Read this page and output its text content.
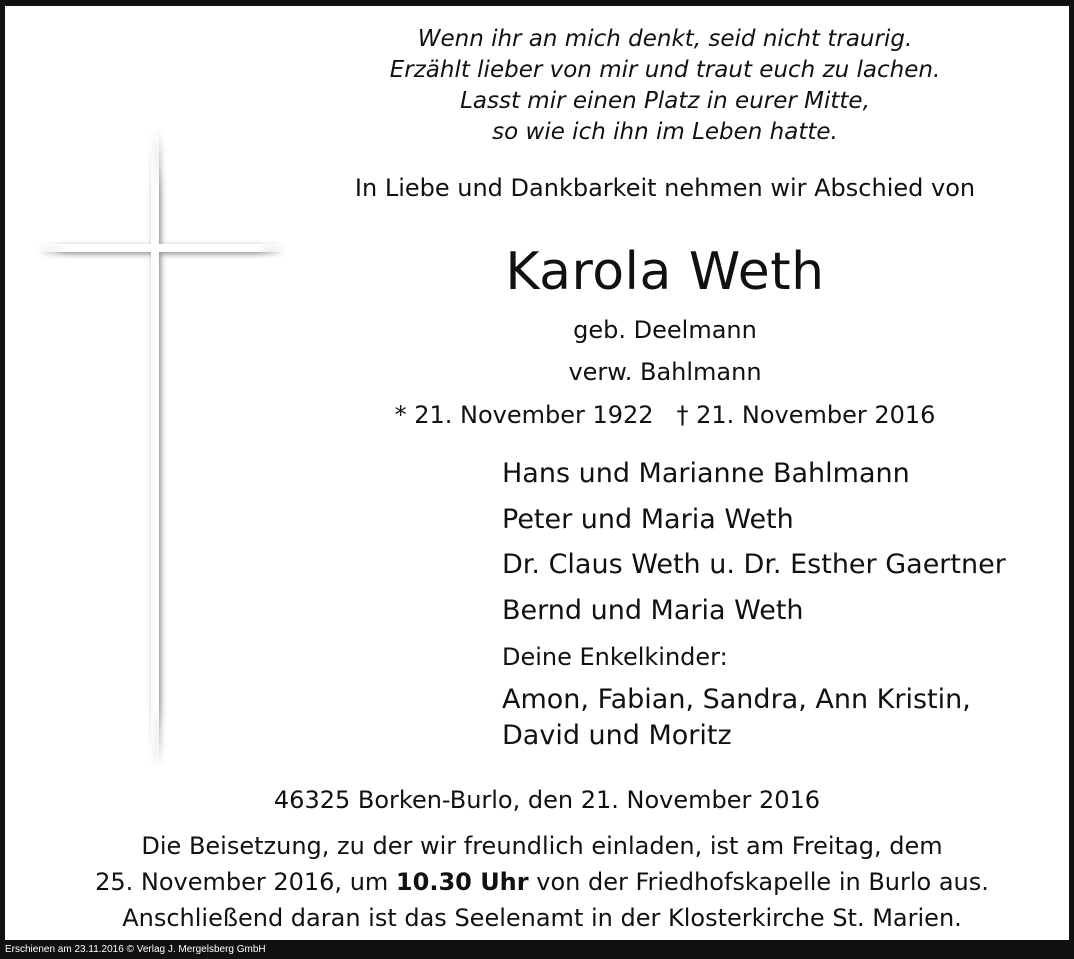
Wenn ihr an mich denkt, seid nicht traurig.
Erzählt lieber von mir und traut euch zu lachen.
Lasst mir einen Platz in eurer Mitte,
so wie ich ihn im Leben hatte.
In Liebe und Dankbarkeit nehmen wir Abschied von
Karola Weth
geb. Deelmann
verw. Bahlmann
* 21. November 1922 † 21. November 2016
Hans und Marianne Bahlmann
Peter und Maria Weth
Dr. Claus Weth u. Dr. Esther Gaertner
Bernd und Maria Weth
Deine Enkelkinder:
Amon, Fabian, Sandra, Ann Kristin,
David und Moritz
46325 Borken-Burlo, den 21. November 2016
Die Beisetzung, zu der wir freundlich einladen, ist am Freitag, dem
25. November 2016, um 10.30 Uhr von der Friedhofskapelle in Burlo aus.
Anschließend daran ist das Seelenamt in der Klosterkirche St. Marien.
Erschienen am 23.11.2016 © Verlag J. Mergelsberg GmbH
